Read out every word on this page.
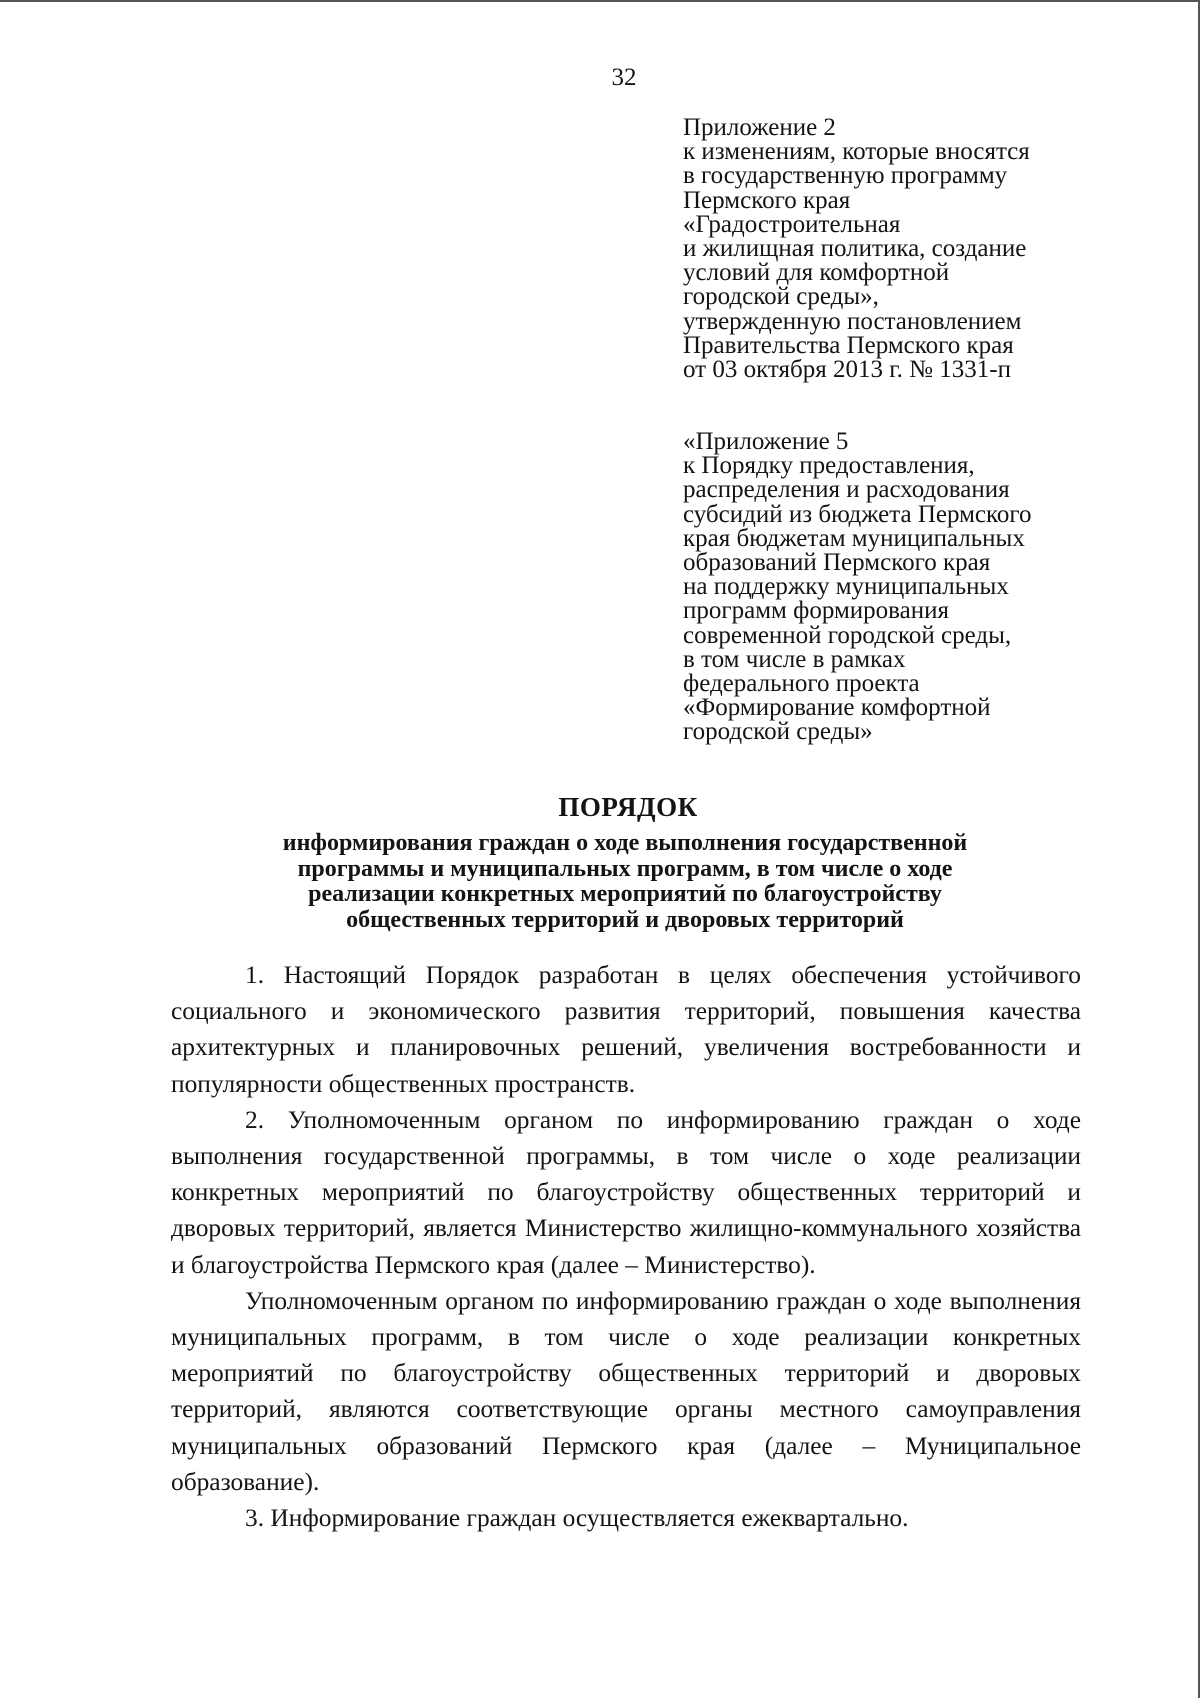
32
Приложение 2
к изменениям, которые вносятся
в государственную программу
Пермского края
«Градостроительная
и жилищная политика, создание
условий для комфортной
городской среды»,
утвержденную постановлением
Правительства Пермского края
от 03 октября 2013 г. № 1331-п
«Приложение 5
к Порядку предоставления,
распределения и расходования
субсидий из бюджета Пермского
края бюджетам муниципальных
образований Пермского края
на поддержку муниципальных
программ формирования
современной городской среды,
в том числе в рамках
федерального проекта
«Формирование комфортной
городской среды»
ПОРЯДОК
информирования граждан о ходе выполнения государственной
программы и муниципальных программ, в том числе о ходе
реализации конкретных мероприятий по благоустройству
общественных территорий и дворовых территорий

1. Настоящий Порядок разработан в целях обеспечения устойчивого социального и экономического развития территорий, повышения качества архитектурных и планировочных решений, увеличения востребованности и популярности общественных пространств.

2. Уполномоченным органом по информированию граждан о ходе выполнения государственной программы, в том числе о ходе реализации конкретных мероприятий по благоустройству общественных территорий и дворовых территорий, является Министерство жилищно-коммунального хозяйства и благоустройства Пермского края (далее – Министерство).

Уполномоченным органом по информированию граждан о ходе выполнения муниципальных программ, в том числе о ходе реализации конкретных мероприятий по благоустройству общественных территорий и дворовых территорий, являются соответствующие органы местного самоуправления муниципальных образований Пермского края (далее – Муниципальное образование).

3. Информирование граждан осуществляется ежеквартально.
